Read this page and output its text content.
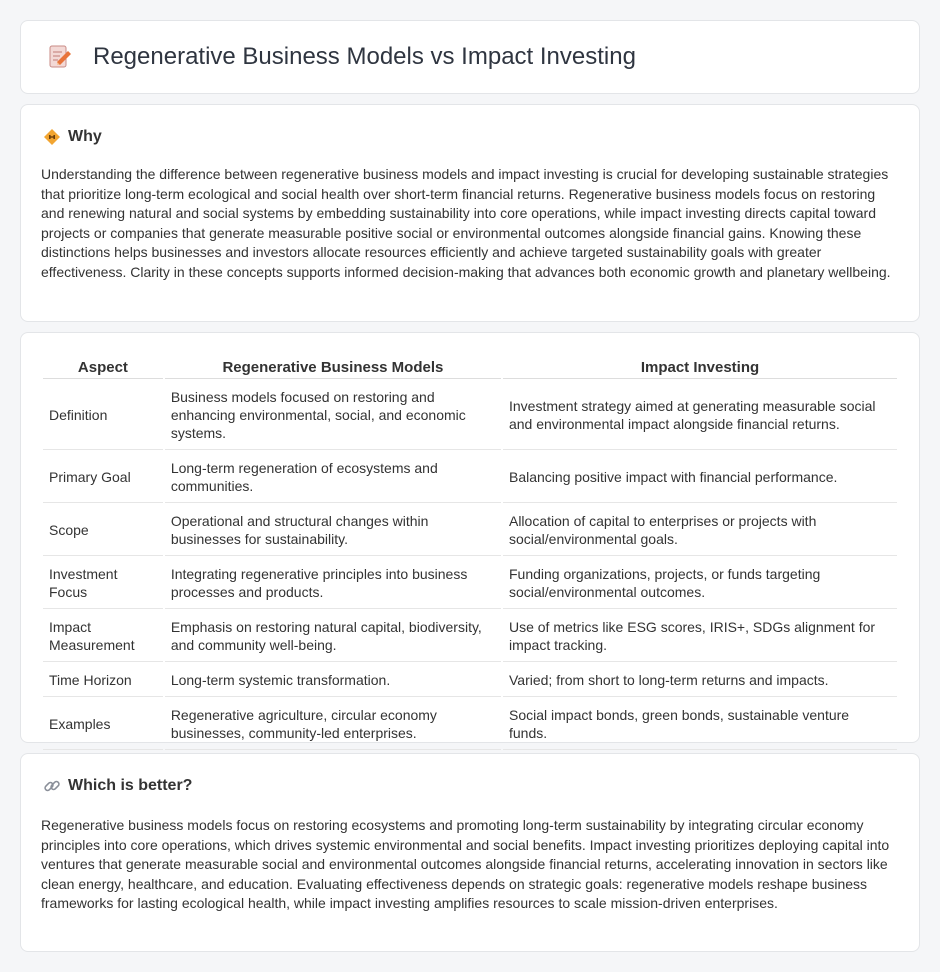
Regenerative Business Models vs Impact Investing
Why

Understanding the difference between regenerative business models and impact investing is crucial for developing sustainable strategies that prioritize long-term ecological and social health over short-term financial returns. Regenerative business models focus on restoring and renewing natural and social systems by embedding sustainability into core operations, while impact investing directs capital toward projects or companies that generate measurable positive social or environmental outcomes alongside financial gains. Knowing these distinctions helps businesses and investors allocate resources efficiently and achieve targeted sustainability goals with greater effectiveness. Clarity in these concepts supports informed decision-making that advances both economic growth and planetary wellbeing.

Aspect	Regenerative Business Models	Impact Investing
Definition	Business models focused on restoring and enhancing environmental, social, and economic systems.	Investment strategy aimed at generating measurable social and environmental impact alongside financial returns.
Primary Goal	Long-term regeneration of ecosystems and communities.	Balancing positive impact with financial performance.
Scope	Operational and structural changes within businesses for sustainability.	Allocation of capital to enterprises or projects with social/environmental goals.
Investment Focus	Integrating regenerative principles into business processes and products.	Funding organizations, projects, or funds targeting social/environmental outcomes.
Impact Measurement	Emphasis on restoring natural capital, biodiversity, and community well-being.	Use of metrics like ESG scores, IRIS+, SDGs alignment for impact tracking.
Time Horizon	Long-term systemic transformation.	Varied; from short to long-term returns and impacts.
Examples	Regenerative agriculture, circular economy businesses, community-led enterprises.	Social impact bonds, green bonds, sustainable venture funds.
Which is better?

Regenerative business models focus on restoring ecosystems and promoting long-term sustainability by integrating circular economy principles into core operations, which drives systemic environmental and social benefits. Impact investing prioritizes deploying capital into ventures that generate measurable social and environmental outcomes alongside financial returns, accelerating innovation in sectors like clean energy, healthcare, and education. Evaluating effectiveness depends on strategic goals: regenerative models reshape business frameworks for lasting ecological health, while impact investing amplifies resources to scale mission-driven enterprises.
